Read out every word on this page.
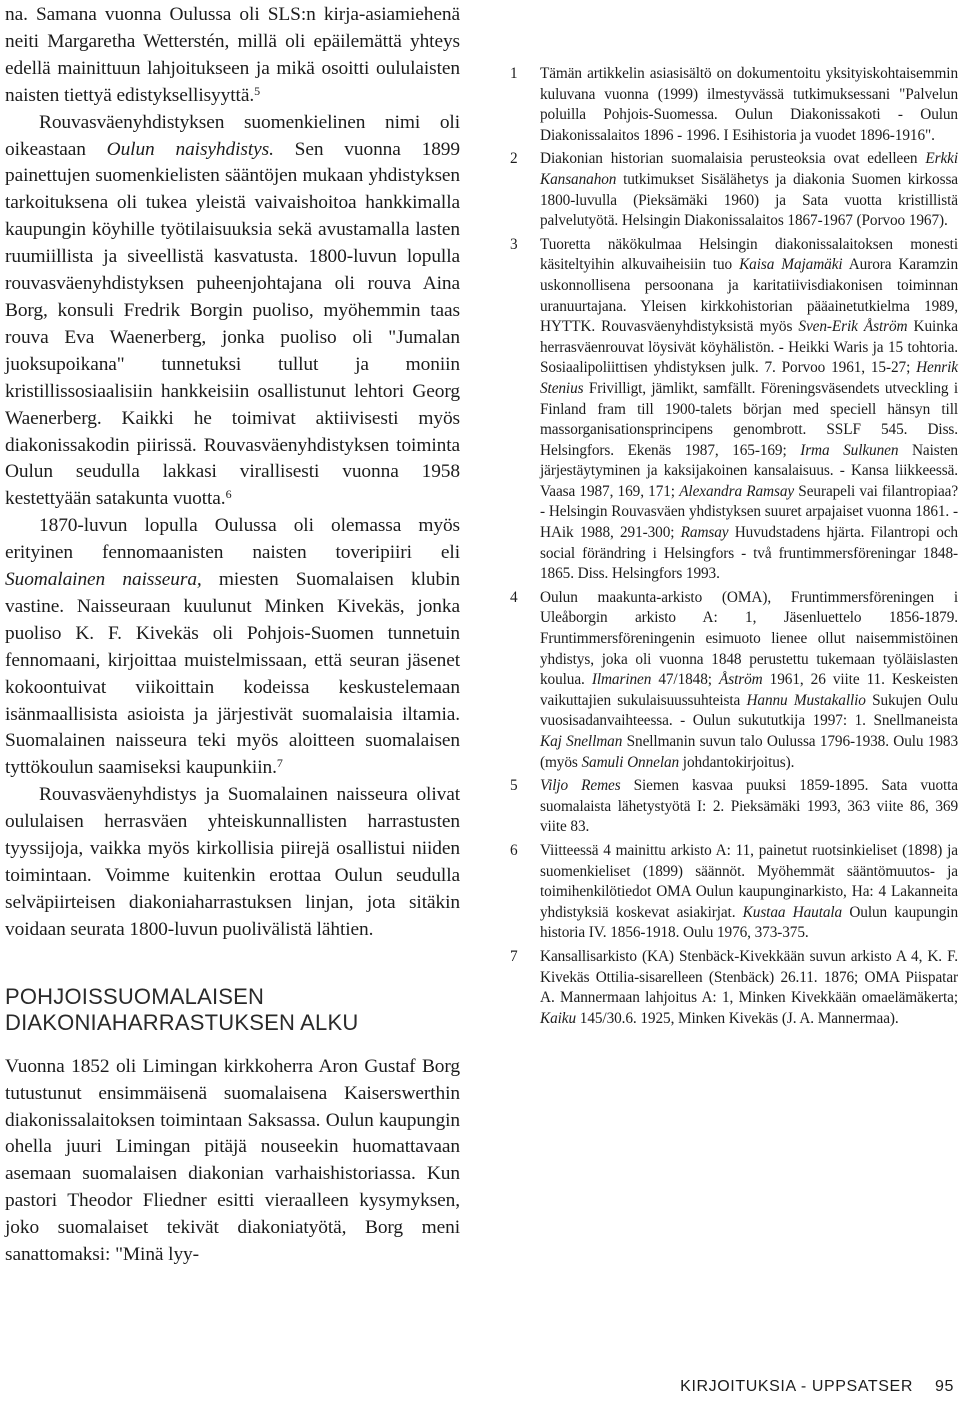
na. Samana vuonna Oulussa oli SLS:n kirja-asiamiehenä neiti Margaretha Wetterstén, millä oli epäilemättä yhteys edellä mainittuun lahjoitukseen ja mikä osoitti oululaisten naisten tiettyä edistyksellisyyttä.$^5$

Rouvasväenyhdistyksen suomenkielinen nimi oli oikeastaan Oulun naisyhdistys. Sen vuonna 1899 painettujen suomenkielisten sääntöjen mukaan yhdistyksen tarkoituksena oli tukea yleistä vaivaishoitoa hankkimalla kaupungin köyhille työtilaisuuksia sekä avustamalla lasten ruumiillista ja siveellistä kasvatusta. 1800-luvun lopulla rouvasväenyhdistyksen puheenjohtajana oli rouva Aina Borg, konsuli Fredrik Borgin puoliso, myöhemmin taas rouva Eva Waenerberg, jonka puoliso oli "Jumalan juoksupoikana" tunnetuksi tullut ja moniin kristillissosiaalisiin hankkeisiin osallistunut lehtori Georg Waenerberg. Kaikki he toimivat aktiivisesti myös diakonissakodin piirissä. Rouvasväenyhdistyksen toiminta Oulun seudulla lakkasi virallisesti vuonna 1958 kestettyään satakunta vuotta.$^6$

1870-luvun lopulla Oulussa oli olemassa myös erityinen fennomaanisten naisten toveripiiri eli Suomalainen naisseura, miesten Suomalaisen klubin vastine. Naisseuraan kuulunut Minken Kivekäs, jonka puoliso K. F. Kivekäs oli Pohjois-Suomen tunnetuin fennomaani, kirjoittaa muistelmissaan, että seuran jäsenet kokoontuivat viikoittain kodeissa keskustelemaan isänmaallisista asioista ja järjestivät suomalaisia iltamia. Suomalainen naisseura teki myös aloitteen suomalaisen tyttökoulun saamiseksi kaupunkiin.$^7$

Rouvasväenyhdistys ja Suomalainen naisseura olivat oululaisen herrasväen yhteiskunnallisten harrastusten tyyssijoja, vaikka myös kirkollisia piirejä osallistui niiden toimintaan. Voimme kuitenkin erottaa Oulun seudulla selväpiirteisen diakoniaharrastuksen linjan, jota sitäkin voidaan seurata 1800-luvun puolivälistä lähtien.

POHJOISSUOMALAISEN
DIAKONIAHARRASTUKSEN ALKU

Vuonna 1852 oli Limingan kirkkoherra Aron Gustaf Borg tutustunut ensimmäisenä suomalaisena Kaiserswerthin diakonissalaitoksen toimintaan Saksassa. Oulun kaupungin ohella juuri Limingan pitäjä nouseekin huomattavaan asemaan suomalaisen diakonian varhaishistoriassa. Kun pastori Theodor Fliedner esitti vieraalleen kysymyksen, joko suomalaiset tekivät diakoniatyötä, Borg meni sanattomaksi: "Minä lyy-

1	Tämän artikkelin asiasisältö on dokumentoitu yksityiskohtaisemmin kuluvana vuonna (1999) ilmestyvässä tutkimuksessani "Palvelun poluilla Pohjois-Suomessa. Oulun Diakonissakoti - Oulun Diakonissalaitos 1896 - 1996. I Esihistoria ja vuodet 1896-1916".
2	Diakonian historian suomalaisia perusteoksia ovat edelleen Erkki Kansanahon tutkimukset Sisälähetys ja diakonia Suomen kirkossa 1800-luvulla (Pieksämäki 1960) ja Sata vuotta kristillistä palvelutyötä. Helsingin Diakonissalaitos 1867-1967 (Porvoo 1967).
3	Tuoretta näkökulmaa Helsingin diakonissalaitoksen monesti käsiteltyihin alkuvaiheisiin tuo Kaisa Majamäki Aurora Karamzin uskonnollisena persoonana ja karitatiivisdiakonisen toiminnan uranuurtajana. Yleisen kirkkohistorian pääainetutkielma 1989, HYTTK. Rouvasväenyhdistyksistä myös Sven-Erik Åström Kuinka herrasväenrouvat löysivät köyhälistön. - Heikki Waris ja 15 tohtoria. Sosiaalipoliittisen yhdistyksen julk. 7. Porvoo 1961, 15-27; Henrik Stenius Frivilligt, jämlikt, samfällt. Föreningsväsendets utveckling i Finland fram till 1900-talets början med speciell hänsyn till massorganisationsprincipens genombrott. SSLF 545. Diss. Helsingfors. Ekenäs 1987, 165-169; Irma Sulkunen Naisten järjestäytyminen ja kaksijakoinen kansalaisuus. - Kansa liikkeessä. Vaasa 1987, 169, 171; Alexandra Ramsay Seurapeli vai filantropiaa? - Helsingin Rouvasväen yhdistyksen suuret arpajaiset vuonna 1861. - HAik 1988, 291-300; Ramsay Huvudstadens hjärta. Filantropi och social förändring i Helsingfors - två fruntimmersföreningar 1848-1865. Diss. Helsingfors 1993.
4	Oulun maakunta-arkisto (OMA), Fruntimmersföreningen i Uleåborgin arkisto A: 1, Jäsenluettelo 1856-1879. Fruntimmersföreningenin esimuoto lienee ollut naisemmistöinen yhdistys, joka oli vuonna 1848 perustettu tukemaan työläislasten koulua. Ilmarinen 47/1848; Åström 1961, 26 viite 11. Keskeisten vaikuttajien sukulaisuussuhteista Hannu Mustakallio Sukujen Oulu vuosisadanvaihteessa. - Oulun sukututkija 1997: 1. Snellmaneista Kaj Snellman Snellmanin suvun talo Oulussa 1796-1938. Oulu 1983 (myös Samuli Onnelan johdantokirjoitus).
5	Viljo Remes Siemen kasvaa puuksi 1859-1895. Sata vuotta suomalaista lähetystyötä I: 2. Pieksämäki 1993, 363 viite 86, 369 viite 83.
6	Viitteessä 4 mainittu arkisto A: 11, painetut ruotsinkieliset (1898) ja suomenkieliset (1899) säännöt. Myöhemmät sääntömuutos- ja toimihenkilötiedot OMA Oulun kaupunginarkisto, Ha: 4 Lakanneita yhdistyksiä koskevat asiakirjat. Kustaa Hautala Oulun kaupungin historia IV. 1856-1918. Oulu 1976, 373-375.
7	Kansallisarkisto (KA) Stenbäck-Kivekkään suvun arkisto A 4, K. F. Kivekäs Ottilia-sisarelleen (Stenbäck) 26.11. 1876; OMA Piispatar A. Mannermaan lahjoitus A: 1, Minken Kivekkään omaelämäkerta; Kaiku 145/30.6. 1925, Minken Kivekäs (J. A. Mannermaa).
KIRJOITUKSIA - UPPSATSER 95
